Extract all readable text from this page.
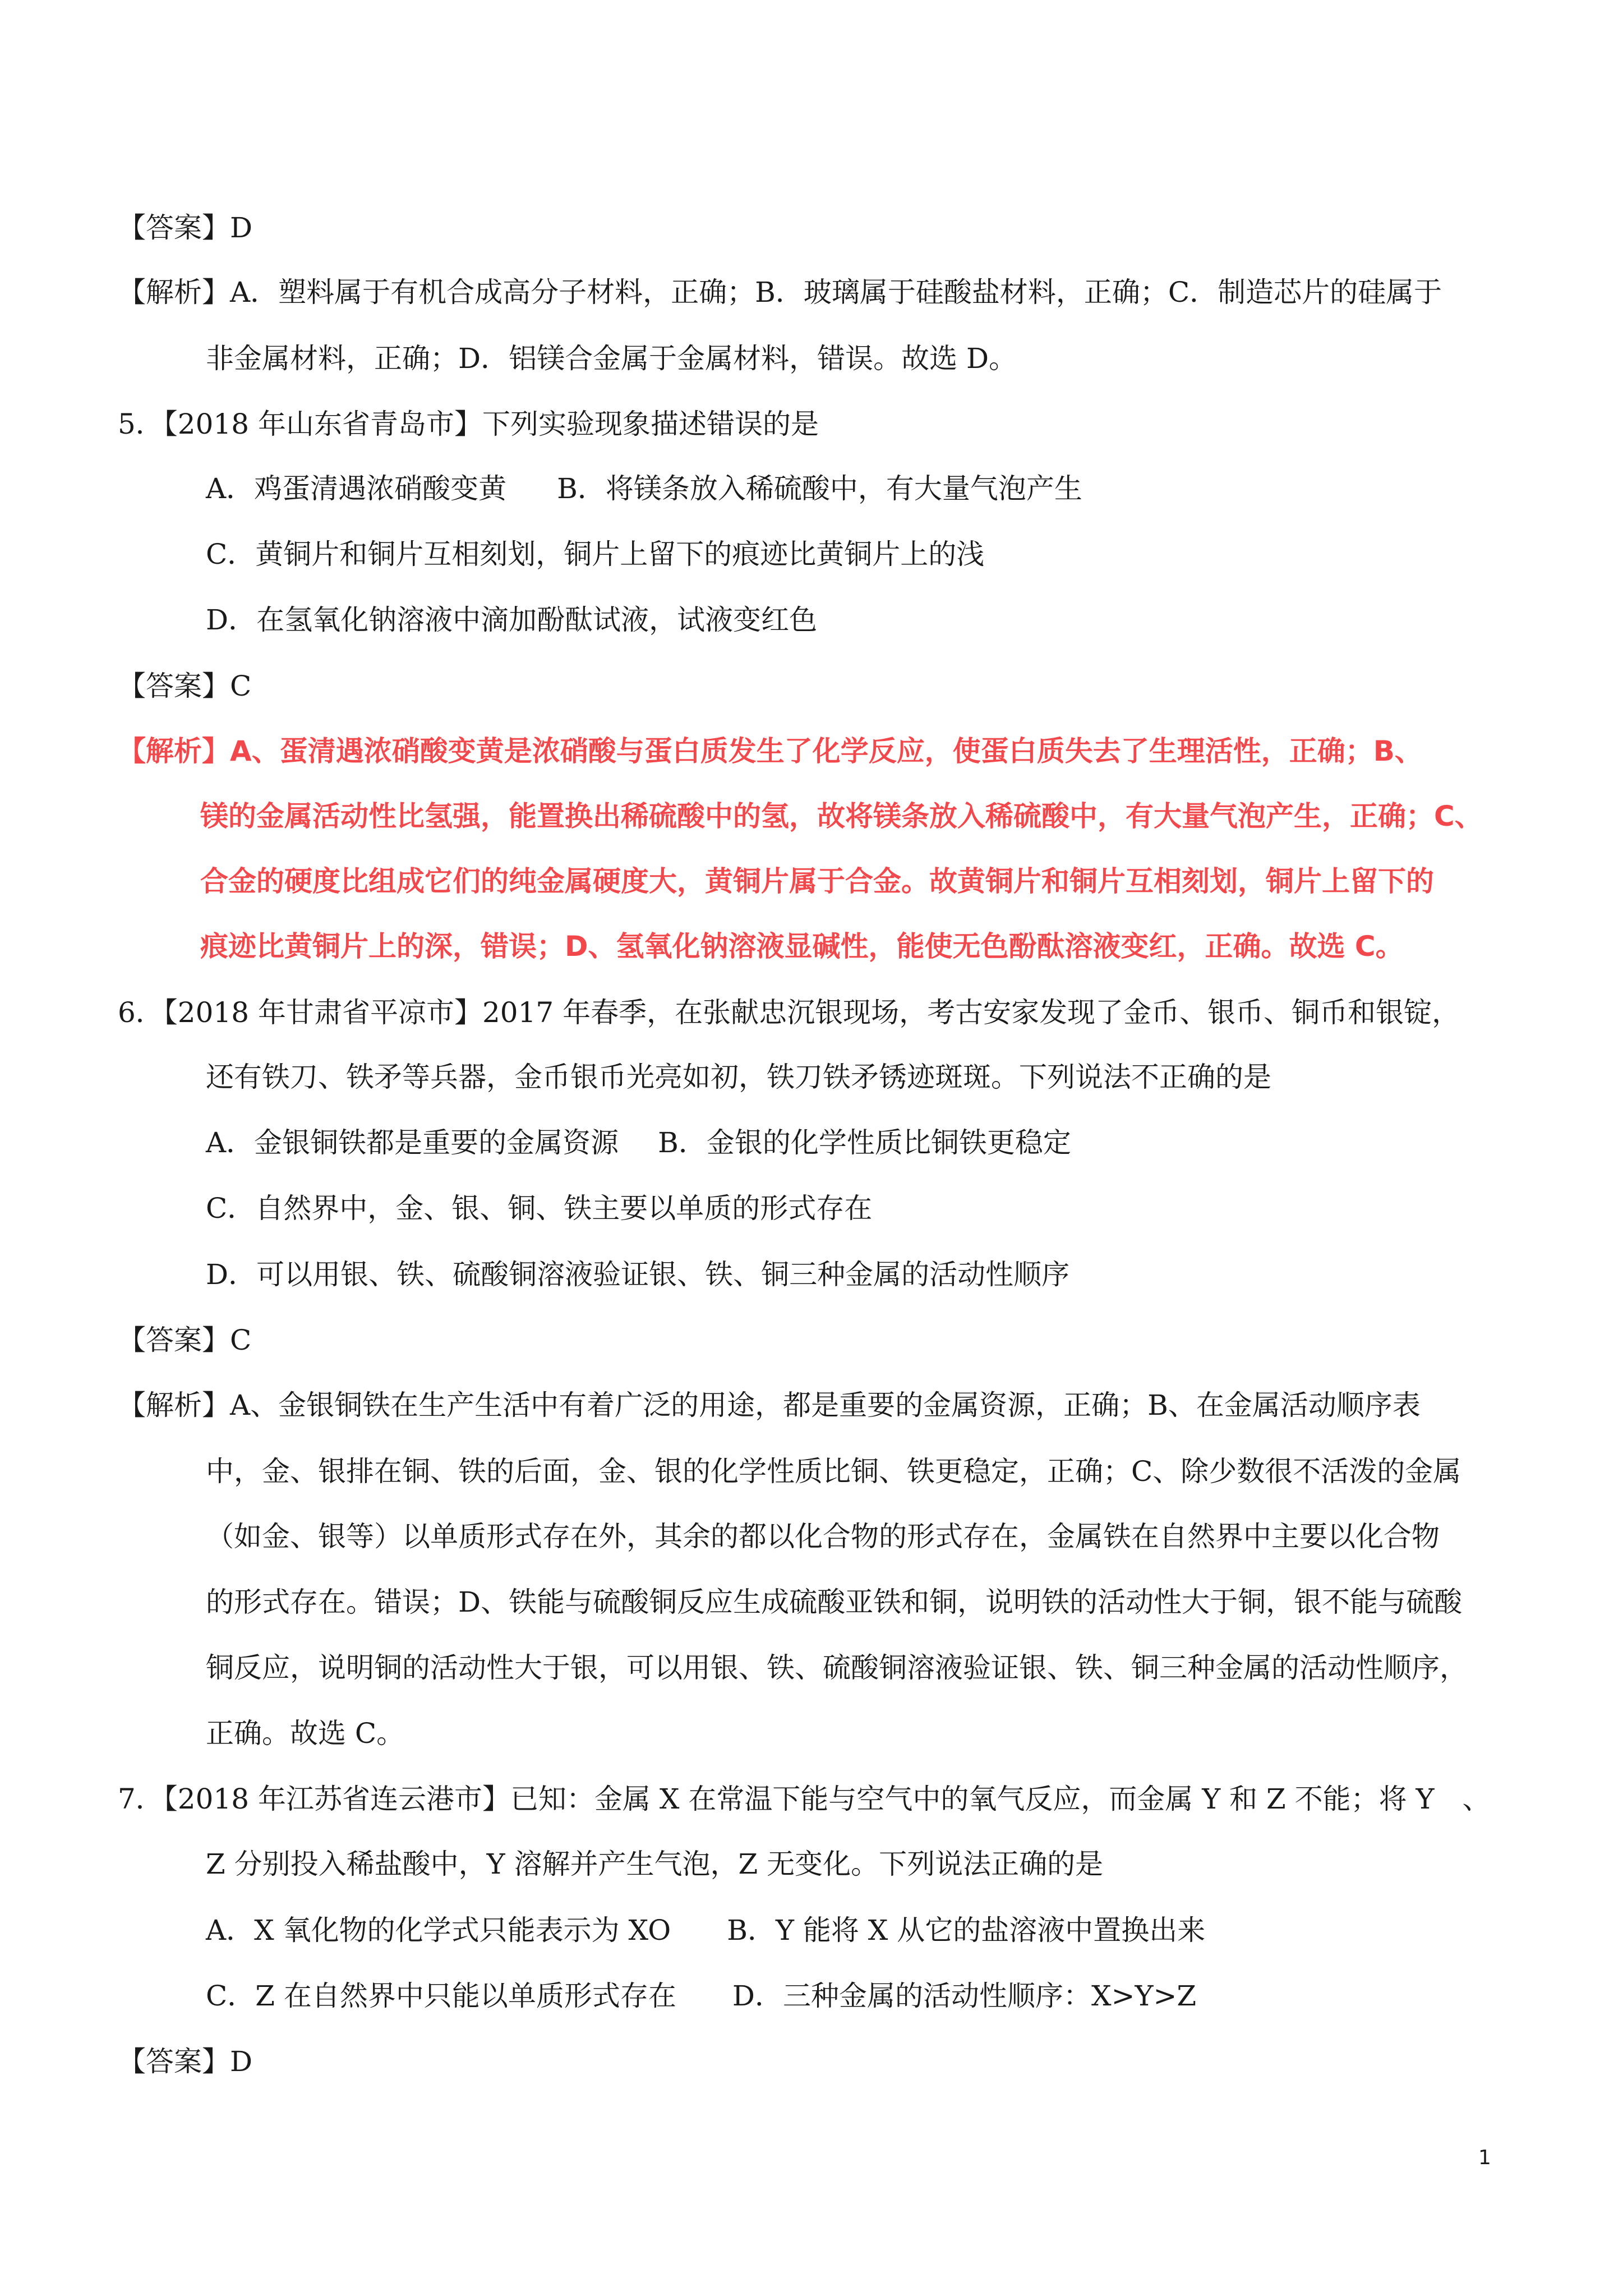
【答案】D
【解析】A．塑料属于有机合成高分子材料，正确；B．玻璃属于硅酸盐材料，正确；C．制造芯片的硅属于
非金属材料，正确；D．铝镁合金属于金属材料，错误。故选 D。
5．【2018 年山东省青岛市】下列实验现象描述错误的是
A．鸡蛋清遇浓硝酸变黄 B．将镁条放入稀硫酸中，有大量气泡产生
C．黄铜片和铜片互相刻划，铜片上留下的痕迹比黄铜片上的浅
D．在氢氧化钠溶液中滴加酚酞试液，试液变红色
【答案】C
【解析】A、蛋清遇浓硝酸变黄是浓硝酸与蛋白质发生了化学反应，使蛋白质失去了生理活性，正确；B、
镁的金属活动性比氢强，能置换出稀硫酸中的氢，故将镁条放入稀硫酸中，有大量气泡产生，正确；C、
合金的硬度比组成它们的纯金属硬度大，黄铜片属于合金。故黄铜片和铜片互相刻划，铜片上留下的
痕迹比黄铜片上的深，错误；D、氢氧化钠溶液显碱性，能使无色酚酞溶液变红，正确。故选 C。
6．【2018 年甘肃省平凉市】2017 年春季，在张献忠沉银现场，考古安家发现了金币、银币、铜币和银锭，
还有铁刀、铁矛等兵器，金币银币光亮如初，铁刀铁矛锈迹斑斑。下列说法不正确的是
A．金银铜铁都是重要的金属资源 B．金银的化学性质比铜铁更稳定
C．自然界中，金、银、铜、铁主要以单质的形式存在
D．可以用银、铁、硫酸铜溶液验证银、铁、铜三种金属的活动性顺序
【答案】C
【解析】A、金银铜铁在生产生活中有着广泛的用途，都是重要的金属资源，正确；B、在金属活动顺序表
中，金、银排在铜、铁的后面，金、银的化学性质比铜、铁更稳定，正确；C、除少数很不活泼的金属
（如金、银等）以单质形式存在外，其余的都以化合物的形式存在，金属铁在自然界中主要以化合物
的形式存在。错误；D、铁能与硫酸铜反应生成硫酸亚铁和铜，说明铁的活动性大于铜，银不能与硫酸
铜反应，说明铜的活动性大于银，可以用银、铁、硫酸铜溶液验证银、铁、铜三种金属的活动性顺序，
正确。故选 C。
7．【2018 年江苏省连云港市】已知：金属 X 在常温下能与空气中的氧气反应，而金属 Y 和 Z 不能；将 Y　、
Z 分别投入稀盐酸中，Y 溶解并产生气泡，Z 无变化。下列说法正确的是
A．X 氧化物的化学式只能表示为 XO B．Y 能将 X 从它的盐溶液中置换出来
C．Z 在自然界中只能以单质形式存在 D．三种金属的活动性顺序：X>Y>Z
【答案】D
1
